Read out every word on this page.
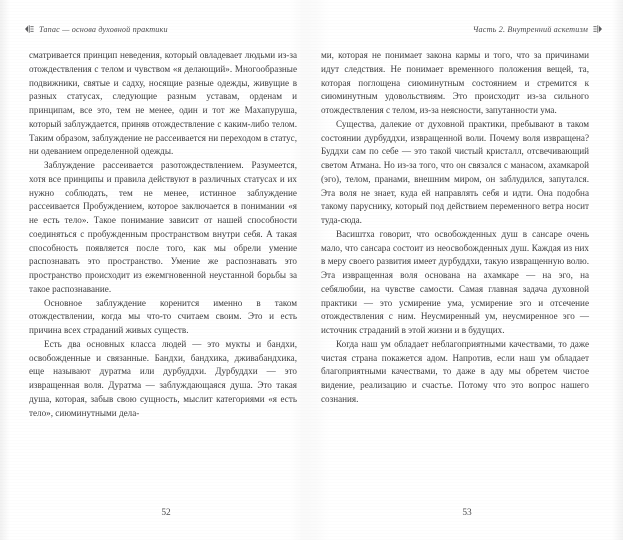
Тапас — основа духовной практики	Часть 2. Внутренний аскетизм

сматривается принцип неведения, который овладевает людьми из-за отождествления с телом и чувством «я делающий». Многообразные подвижники, святые и садху, носящие разные одежды, живущие в разных статусах, следующие разным уставам, орденам и принципам, все это, тем не менее, один и тот же Махапуруша, который заблуждается, приняв отождествление с каким-либо телом. Таким образом, заблуждение не рассеивается ни переходом в статус, ни одеванием определенной одежды.

Заблуждение рассеивается разотождествлением. Разумеется, хотя все принципы и правила действуют в различных статусах и их нужно соблюдать, тем не менее, истинное заблуждение рассеивается Пробуждением, которое заключается в понимании «я не есть тело». Такое понимание зависит от нашей способности соединяться с пробужденным пространством внутри себя. А такая способность появляется после того, как мы обрели умение распознавать это пространство. Умение же распознавать это пространство происходит из ежемгновенной неустанной борьбы за такое распознавание.

Основное заблуждение коренится именно в таком отождествлении, когда мы что-то считаем своим. Это и есть причина всех страданий живых существ.

Есть два основных класса людей — это мукты и бандхи, освобожденные и связанные. Бандхи, бандхика, дживабандхика, еще называют дуратма или дурбуддхи. Дурбуддхи — это извращенная воля. Дуратма — заблуждающаяся душа. Это такая душа, которая, забыв свою сущность, мыслит категориями «я есть тело», сиюминутными дела-

ми, которая не понимает закона кармы и того, что за причинами идут следствия. Не понимает временного положения вещей, та, которая поглощена сиюминутным состоянием и стремится к сиюминутным удовольствиям. Это происходит из-за сильного отождествления с телом, из-за неясности, запутанности ума.

Существа, далекие от духовной практики, пребывают в таком состоянии дурбуддхи, извращенной воли. Почему воля извращена? Буддхи сам по себе — это такой чистый кристалл, отсвечивающий светом Атмана. Но из-за того, что он связался с манасом, ахамкарой (эго), телом, пранами, внешним миром, он заблудился, запутался. Эта воля не знает, куда ей направлять себя и идти. Она подобна такому паруснику, который под действием переменного ветра носит туда-сюда.

Васиштха говорит, что освобожденных душ в сансаре очень мало, что сансара состоит из неосвобожденных душ. Каждая из них в меру своего развития имеет дурбуддхи, такую извращенную волю. Эта извращенная воля основана на ахамкаре — на эго, на себялюбии, на чувстве самости. Самая главная задача духовной практики — это усмирение ума, усмирение эго и отсечение отождествления с ним. Неусмиренный ум, неусмиренное эго — источник страданий в этой жизни и в будущих.

Когда наш ум обладает неблагоприятными качествами, то даже чистая страна покажется адом. Напротив, если наш ум обладает благоприятными качествами, то даже в аду мы обретем чистое видение, реализацию и счастье. Потому что это вопрос нашего сознания.

52	53
